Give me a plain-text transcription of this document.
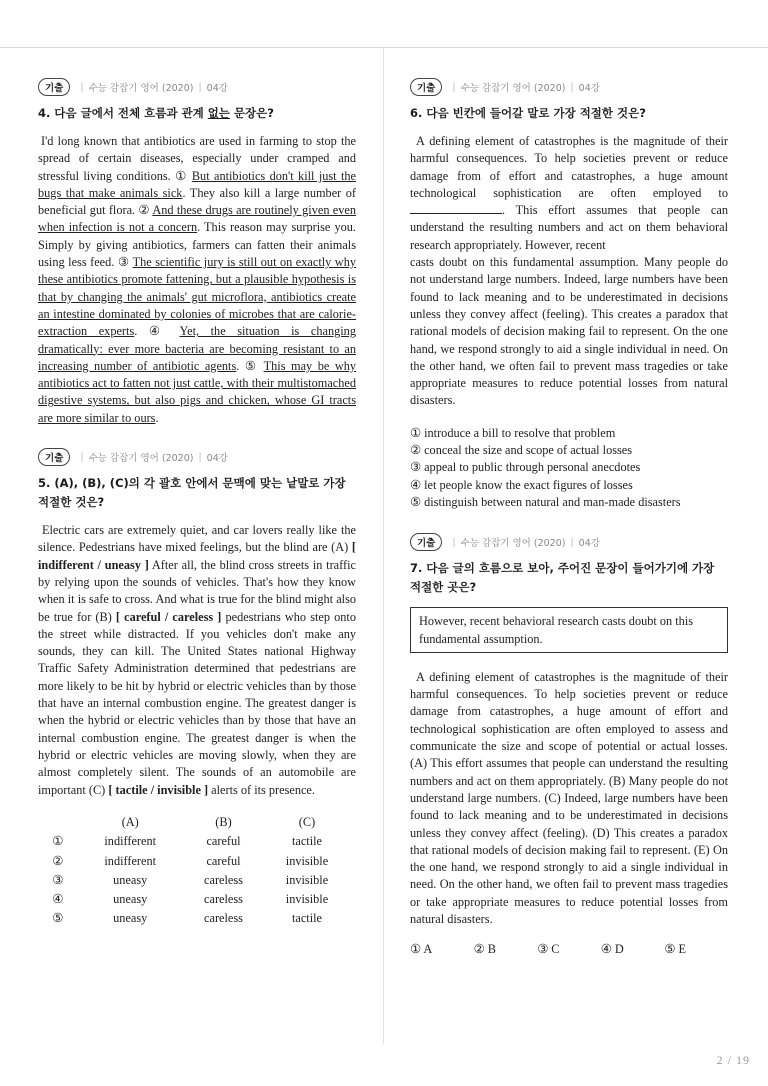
기출	| 수능 감잡기 영어 (2020) | 04강
4. 다음 글에서 전체 흐름과 관계 없는 문장은?

I'd long known that antibiotics are used in farming to stop the spread of certain diseases, especially under cramped and stressful living conditions. ① But antibiotics don't kill just the bugs that make animals sick. They also kill a large number of beneficial gut flora. ② And these drugs are routinely given even when infection is not a concern. This reason may surprise you. Simply by giving antibiotics, farmers can fatten their animals using less feed. ③ The scientific jury is still out on exactly why these antibiotics promote fattening, but a plausible hypothesis is that by changing the animals' gut microflora, antibiotics create an intestine dominated by colonies of microbes that are calorie-extraction experts. ④ Yet, the situation is changing dramatically: ever more bacteria are becoming resistant to an increasing number of antibiotic agents. ⑤ This may be why antibiotics act to fatten not just cattle, with their multistomached digestive systems, but also pigs and chicken, whose GI tracts are more similar to ours.

기출	| 수능 감잡기 영어 (2020) | 04강
5. (A), (B), (C)의 각 괄호 안에서 문맥에 맞는 낱말로 가장 적절한 것은?

Electric cars are extremely quiet, and car lovers really like the silence. Pedestrians have mixed feelings, but the blind are (A) [ indifferent / uneasy ] After all, the blind cross streets in traffic by relying upon the sounds of vehicles. That's how they know when it is safe to cross. And what is true for the blind might also be true for (B) [ careful / careless ] pedestrians who step onto the street while distracted. If you vehicles don't make any sounds, they can kill. The United States national Highway Traffic Safety Administration determined that pedestrians are more likely to be hit by hybrid or electric vehicles than by those that have an internal combustion engine. The greatest danger is when the hybrid or electric vehicles than by those that have an internal combustion engine. The greatest danger is when the hybrid or electric vehicles are moving slowly, when they are almost completely silent. The sounds of an automobile are important (C) [ tactile / invisible ] alerts of its presence.

	(A)	(B)	(C)
①	indifferent	careful	tactile
②	indifferent	careful	invisible
③	uneasy	careless	invisible
④	uneasy	careless	invisible
⑤	uneasy	careless	tactile
기출	| 수능 감잡기 영어 (2020) | 04강
6. 다음 빈칸에 들어갈 말로 가장 적절한 것은?

A defining element of catastrophes is the magnitude of their harmful consequences. To help societies prevent or reduce damage from of effort and catastrophes, a huge amount technological sophistication are often employed to . This effort assumes that people can understand the resulting numbers and act on them behavioral research appropriately. However, recent
casts doubt on this fundamental assumption. Many people do not understand large numbers. Indeed, large numbers have been found to lack meaning and to be underestimated in decisions unless they convey affect (feeling). This creates a paradox that rational models of decision making fail to represent. On the one hand, we respond strongly to aid a single individual in need. On the other hand, we often fail to prevent mass tragedies or take appropriate measures to reduce potential losses from natural disasters.

① introduce a bill to resolve that problem
② conceal the size and scope of actual losses
③ appeal to public through personal anecdotes
④ let people know the exact figures of losses
⑤ distinguish between natural and man-made disasters
기출	| 수능 감잡기 영어 (2020) | 04강
7. 다음 글의 흐름으로 보아, 주어진 문장이 들어가기에 가장 적절한 곳은?
However, recent behavioral research casts doubt on this fundamental assumption.

A defining element of catastrophes is the magnitude of their harmful consequences. To help societies prevent or reduce damage from catastrophes, a huge amount of effort and technological sophistication are often employed to assess and communicate the size and scope of potential or actual losses. (A) This effort assumes that people can understand the resulting numbers and act on them appropriately. (B) Many people do not understand large numbers. (C) Indeed, large numbers have been found to lack meaning and to be underestimated in decisions unless they convey affect (feeling). (D) This creates a paradox that rational models of decision making fail to represent. (E) On the one hand, we respond strongly to aid a single individual in need. On the other hand, we often fail to prevent mass tragedies or take appropriate measures to reduce potential losses from natural disasters.

① A	② B	③ C	④ D	⑤ E
2 / 19
